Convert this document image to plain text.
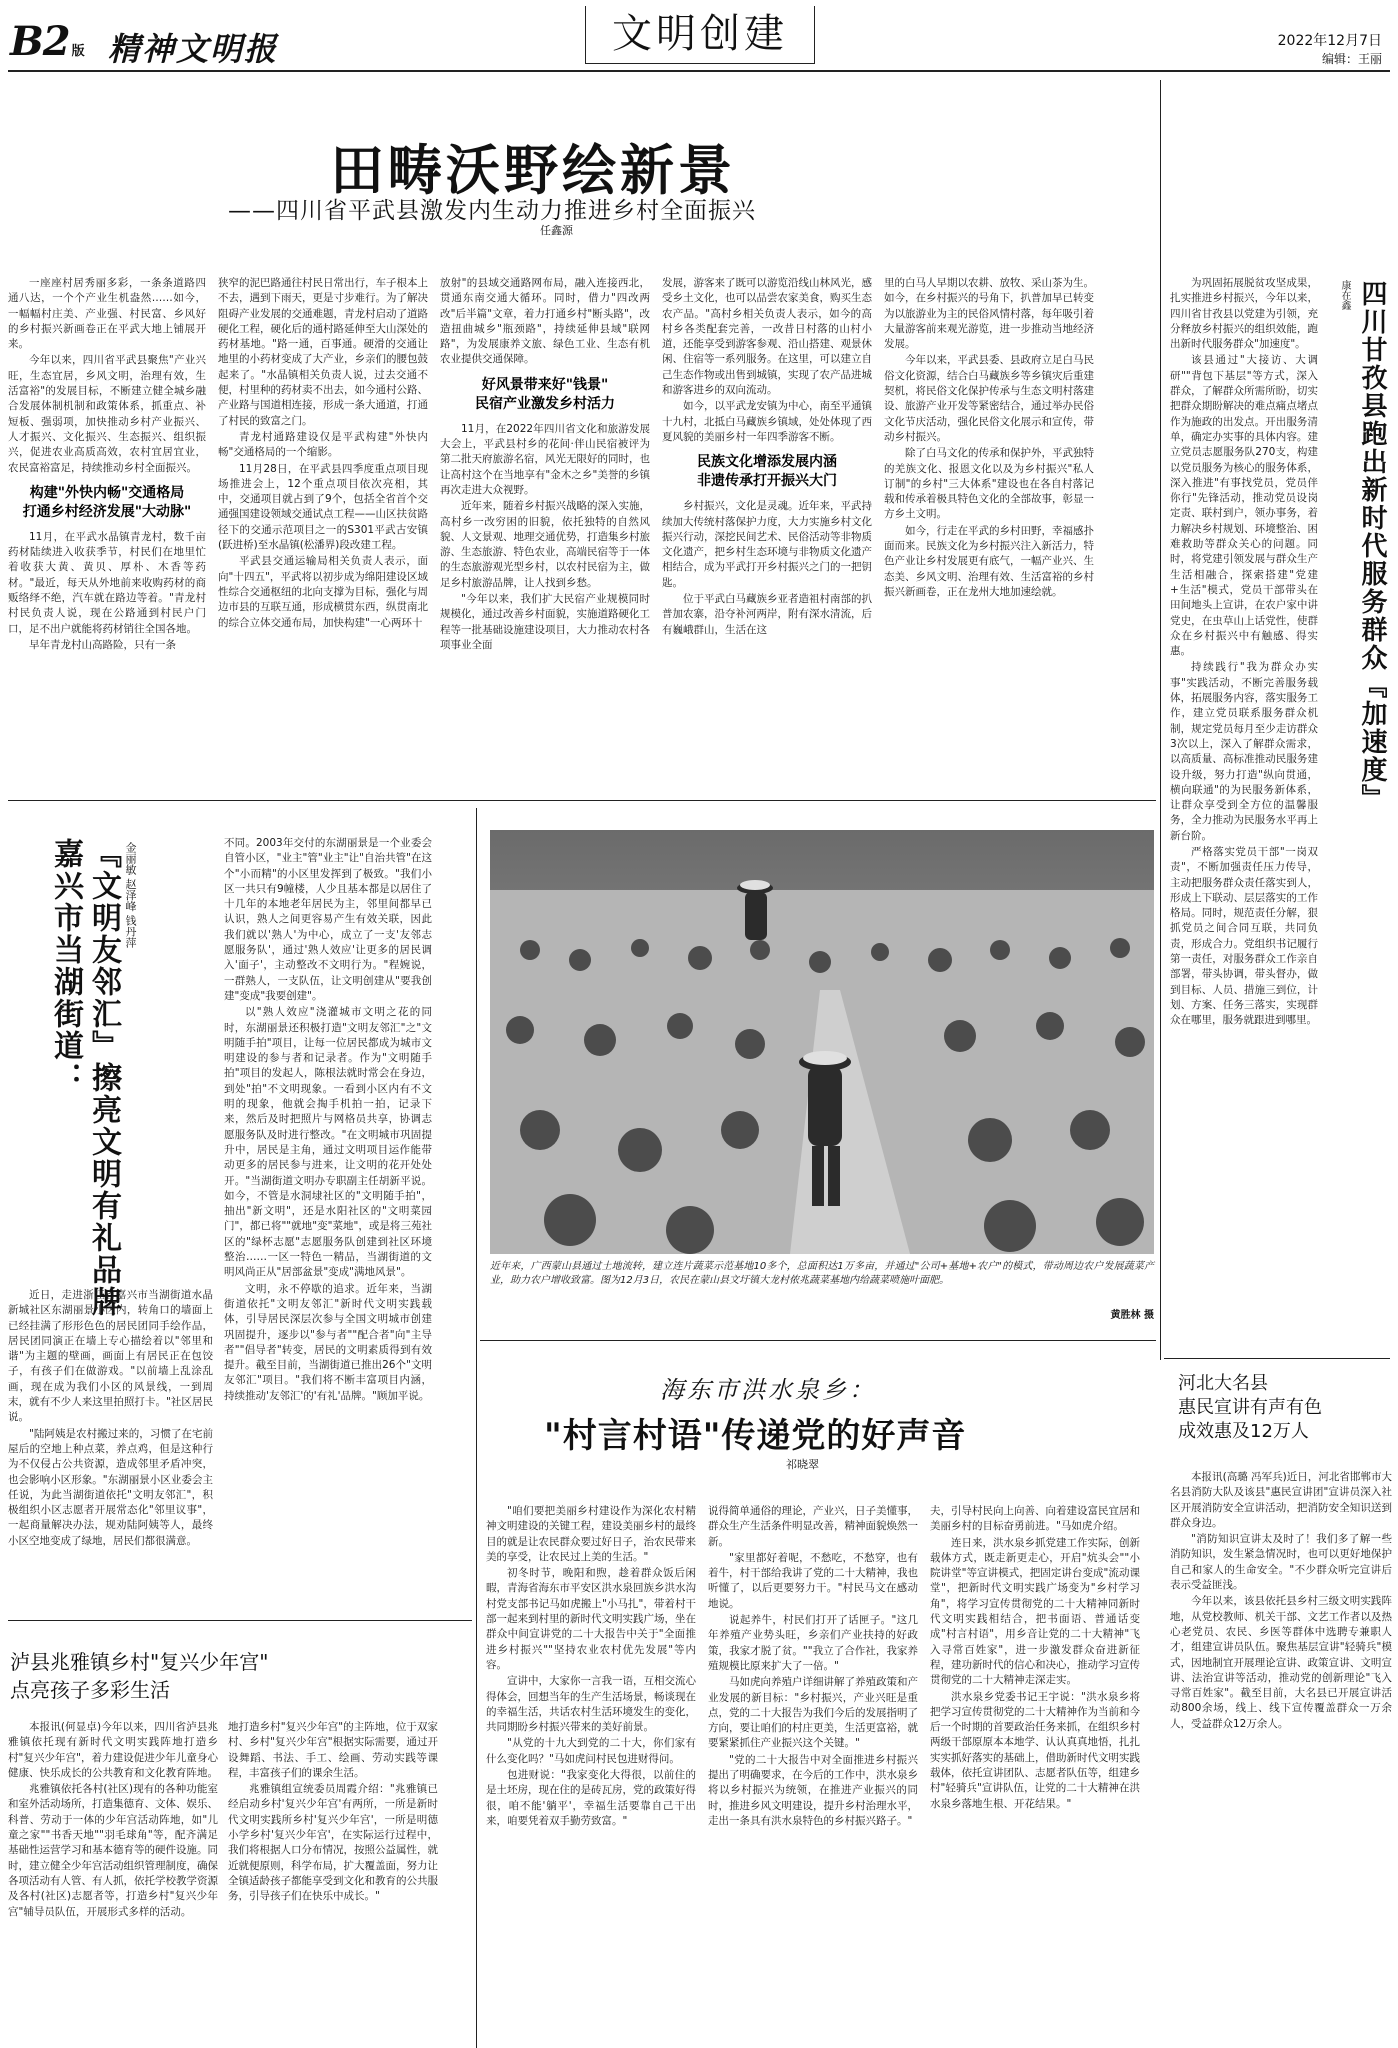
B2 版 精神文明报	文明创建	2022年12月7日
编辑：王丽
田畴沃野绘新景
——四川省平武县激发内生动力推进乡村全面振兴
任鑫源

一座座村居秀丽多彩，一条条道路四通八达，一个个产业生机盎然……如今，一幅幅村庄美、产业强、村民富、乡风好的乡村振兴新画卷正在平武大地上铺展开来。

今年以来，四川省平武县聚焦"产业兴旺，生态宜居，乡风文明，治理有效，生活富裕"的发展目标，不断建立健全城乡融合发展体制机制和政策体系，抓重点、补短板、强弱项，加快推动乡村产业振兴、人才振兴、文化振兴、生态振兴、组织振兴，促进农业高质高效，农村宜居宜业，农民富裕富足，持续推动乡村全面振兴。

构建"外快内畅"交通格局
打通乡村经济发展"大动脉"

11月，在平武水晶镇青龙村，数千亩药材陆续进入收获季节，村民们在地里忙着收获大黄、黄贝、厚朴、木香等药材。"最近，每天从外地前来收购药材的商贩络绎不绝，汽车就在路边等着。"青龙村村民负责人说，现在公路通到村民户门口，足不出户就能将药材销往全国各地。

早年青龙村山高路险，只有一条

狭窄的泥巴路通往村民日常出行，车子根本上不去，遇到下雨天，更是寸步难行。为了解决阻碍产业发展的交通难题，青龙村启动了道路硬化工程，硬化后的通村路延伸至大山深处的药材基地。"路一通，百事通。硬滑的交通让地里的小药材变成了大产业，乡亲们的腰包鼓起来了。"水晶镇相关负责人说，过去交通不便，村里种的药材卖不出去，如今通村公路、产业路与国道相连接，形成一条大通道，打通了村民的致富之门。

青龙村通路建设仅是平武构建"外快内畅"交通格局的一个缩影。

11月28日，在平武县四季度重点项目现场推进会上，12个重点项目依次亮相，其中，交通项目就占到了9个，包括全省首个交通强国建设领域交通试点工程——山区扶贫路径下的交通示范项目之一的S301平武古安镇(跃进桥)至水晶镇(松潘界)段改建工程。

平武县交通运输局相关负责人表示，面向"十四五"，平武将以初步成为绵阳建设区域性综合交通枢纽的北向支撑为目标，强化与周边市县的互联互通，形成横贯东西，纵贯南北的综合立体交通布局，加快构建"一心两环十

放射"的县域交通路网布局，融入连接西北，贯通东南交通大循环。同时，借力"四改两改"后半篇"文章，着力打通乡村"断头路"，改造扭曲城乡"瓶颈路"，持续延伸县域"联网路"，为发展康养文旅、绿色工业、生态有机农业提供交通保障。

好风景带来好"钱景"
民宿产业激发乡村活力

11月，在2022年四川省文化和旅游发展大会上，平武县村乡的花间·伴山民宿被评为第二批天府旅游名宿，风光无限好的同时，也让高村这个在当地享有"金木之乡"美誉的乡镇再次走进大众视野。

近年来，随着乡村振兴战略的深入实施，高村乡一改穷困的旧貌，依托独特的自然风貌、人文景观、地理交通优势，打造集乡村旅游、生态旅游、特色农业，高端民宿等于一体的生态旅游观光型乡村，以农村民宿为主，做足乡村旅游品牌，让人找到乡愁。

"今年以来，我们扩大民宿产业规模同时规模化，通过改善乡村面貌，实施道路硬化工程等一批基础设施建设项目，大力推动农村各项事业全面

发展，游客来了既可以游览沿线山林风光，感受乡土文化，也可以品尝农家美食，购买生态农产品。"高村乡相关负责人表示，如今的高村乡各类配套完善，一改昔日村落的山村小道，还能享受到游客参观、沿山搭建、观景休闲、住宿等一系列服务。在这里，可以建立自己生态作物或出售到城镇，实现了农产品进城和游客进乡的双向流动。

如今，以平武龙安镇为中心，南至平通镇十九村，北抵白马藏族乡镇域，处处体现了西夏风貌的美丽乡村一年四季游客不断。

民族文化增添发展内涵
非遗传承打开振兴大门

乡村振兴，文化是灵魂。近年来，平武持续加大传统村落保护力度，大力实施乡村文化振兴行动，深挖民间艺术、民俗活动等非物质文化遗产，把乡村生态环境与非物质文化遗产相结合，成为平武打开乡村振兴之门的一把钥匙。

位于平武白马藏族乡亚者造祖村南部的扒普加农寨，沿夺补河两岸，附有深水清流，后有巍峨群山，生活在这

里的白马人早期以农耕、放牧、采山茶为生。如今，在乡村振兴的号角下，扒普加早已转变为以旅游业为主的民俗风情村落，每年吸引着大量游客前来观光游览，进一步推动当地经济发展。

今年以来，平武县委、县政府立足白马民俗文化资源，结合白马藏族乡等乡镇灾后重建契机，将民俗文化保护传承与生态文明村落建设、旅游产业开发等紧密结合，通过举办民俗文化节庆活动，强化民俗文化展示和宣传，带动乡村振兴。

除了白马文化的传承和保护外，平武独特的羌族文化、报恩文化以及为乡村振兴"私人订制"的乡村"三大体系"建设也在各自村落记载和传承着极具特色文化的全部故事，彰显一方乡土文明。

如今，行走在平武的乡村田野，幸福感扑面而来。民族文化为乡村振兴注入新活力，特色产业让乡村发展更有底气，一幅产业兴、生态美、乡风文明、治理有效、生活富裕的乡村振兴新画卷，正在龙州大地加速绘就。	四川甘孜县跑出新时代服务群众『加速度』
康在鑫

为巩固拓展脱贫攻坚成果，扎实推进乡村振兴，今年以来，四川省甘孜县以党建为引领，充分释放乡村振兴的组织效能，跑出新时代服务群众"加速度"。

该县通过"大接访、大调研""背包下基层"等方式，深入群众，了解群众所需所盼，切实把群众期盼解决的难点痛点堵点作为施政的出发点。开出服务清单，确定办实事的具体内容。建立党员志愿服务队270支，构建以党员服务为核心的服务体系，深入推进"有事找党员，党员伴你行"先锋活动，推动党员设岗定责、联村到户，领办事务，着力解决乡村规划、环境整治、困难救助等群众关心的问题。同时，将党建引领发展与群众生产生活相融合，探索搭建"党建+生活"模式，党员干部带头在田间地头上宣讲，在农户家中讲党史，在虫草山上话党性，使群众在乡村振兴中有触感、得实惠。

持续践行"我为群众办实事"实践活动，不断完善服务载体，拓展服务内容，落实服务工作，建立党员联系服务群众机制，规定党员每月至少走访群众3次以上，深入了解群众需求，以高质量、高标准推动民服务建设升级，努力打造"纵向贯通，横向联通"的为民服务新体系，让群众享受到全方位的温馨服务，全力推动为民服务水平再上新台阶。

严格落实党员干部"一岗双责"，不断加强责任压力传导，主动把服务群众责任落实到人，形成上下联动、层层落实的工作格局。同时，规范责任分解，狠抓党员之间合同互联，共同负责，形成合力。党组织书记履行第一责任，对服务群众工作亲自部署，带头协调，带头督办，做到目标、人员、措施三到位，计划、方案、任务三落实，实现群众在哪里，服务就跟进到哪里。

『文明友邻汇』擦亮文明有礼品牌
嘉兴市当湖街道：	金丽敏 赵泽峰 钱丹萍

近日，走进浙江省嘉兴市当湖街道水晶新城社区东湖丽景小区内，转角口的墙面上已经挂满了形形色色的居民团同手绘作品，居民团同演正在墙上专心描绘着以"邻里和谐"为主题的壁画，画面上有居民正在包饺子，有孩子们在做游戏。"以前墙上乱涂乱画，现在成为我们小区的风景线，一到周末，就有不少人来这里拍照打卡。"社区居民说。

"陆阿姨是农村搬过来的，习惯了在宅前屋后的空地上种点菜，养点鸡，但是这种行为不仅侵占公共资源，造成邻里矛盾冲突，也会影响小区形象。"东湖丽景小区业委会主任说，为此当湖街道依托"文明友邻汇"，积极组织小区志愿者开展常态化"邻里议事"，一起商量解决办法，规劝陆阿姨等人，最终小区空地变成了绿地，居民们都很满意。

不同。2003年交付的东湖丽景是一个业委会自管小区，"业主"管"业主"让"自治共管"在这个"小而精"的小区里发挥到了极致。"我们小区一共只有9幢楼，人少且基本都是以居住了十几年的本地老年居民为主，邻里间都早已认识，熟人之间更容易产生有效关联，因此我们就以'熟人'为中心，成立了一支'友邻志愿服务队'，通过'熟人效应'让更多的居民调入'面子'，主动整改不文明行为。"程婉说，一群熟人，一支队伍，让文明创建从"要我创建"变成"我要创建"。

以"熟人效应"浇灌城市文明之花的同时，东湖丽景还积极打造"文明友邻汇"之"文明随手拍"项目，让每一位居民都成为城市文明建设的参与者和记录者。作为"文明随手拍"项目的发起人，陈根法就时常会在身边，到处"拍"不文明现象。一看到小区内有不文明的现象，他就会掏手机拍一拍，记录下来，然后及时把照片与网格员共享，协调志愿服务队及时进行整改。"在文明城市巩固提升中，居民是主角，通过文明项目运作能带动更多的居民参与进来，让文明的花开处处开。"当湖街道文明办专职副主任胡新平说。如今，不管是水洞埭社区的"文明随手拍"，抽出"新文明"，还是水阳社区的"文明菜园门"，都已将""就地"变"菜地"，或是将三苑社区的"绿杯志愿"志愿服务队创建到社区环境整治……一区一特色一精品，当湖街道的文明风尚正从"居部盆景"变成"满地风景"。

文明，永不停歇的追求。近年来，当湖街道依托"文明友邻汇"新时代文明实践载体，引导居民深层次参与全国文明城市创建巩固提升，逐步以"参与者""配合者"向"主导者""倡导者"转变，居民的文明素质得到有效提升。截至目前，当湖街道已推出26个"文明友邻汇"项目。"我们将不断丰富项目内涵，持续推动'友邻汇'的'有礼'品牌。"顾加平说。

近年来，广西蒙山县通过土地流转，建立连片蔬菜示范基地10多个，总面积达1万多亩，并通过"公司+基地+农户"的模式，带动周边农户发展蔬菜产业，助力农户增收致富。图为12月3日，农民在蒙山县文圩镇大龙村侬兆蔬菜基地内给蔬菜喷施叶面肥。
黄胜林 摄
河北大名县
惠民宣讲有声有色
成效惠及12万人

本报讯(高璐 冯军兵)近日，河北省邯郸市大名县消防大队及该县"惠民宣讲团"宣讲员深入社区开展消防安全宣讲活动，把消防安全知识送到群众身边。

"消防知识宣讲太及时了！我们多了解一些消防知识，发生紧急情况时，也可以更好地保护自己和家人的生命安全。"不少群众听完宣讲后表示受益匪浅。

今年以来，该县依托县乡村三级文明实践阵地，从党校教师、机关干部、文艺工作者以及热心老党员、农民、乡医等群体中选聘专兼职人才，组建宣讲员队伍。聚焦基层宣讲"轻骑兵"模式，因地制宜开展理论宣讲、政策宣讲、文明宣讲、法治宣讲等活动，推动党的创新理论"飞入寻常百姓家"。截至目前，大名县已开展宣讲活动800余场，线上、线下宣传覆盖群众一万余人，受益群众12万余人。

海东市洪水泉乡：
"村言村语"传递党的好声音
祁晓翠

"咱们要把美丽乡村建设作为深化农村精神文明建设的关键工程，建设美丽乡村的最终目的就是让农民群众要过好日子，治农民带来美的享受，让农民过上美的生活。"

初冬时节，晚阳和煦，趁着群众饭后闲暇，青海省海东市平安区洪水泉回族乡洪水沟村党支部书记马如虎搬上"小马扎"，带着村干部一起来到村里的新时代文明实践广场，坐在群众中间宣讲党的二十大报告中关于"全面推进乡村振兴""坚持农业农村优先发展"等内容。

宣讲中，大家你一言我一语，互相交流心得体会，回想当年的生产生活场景，畅谈现在的幸福生活，共话农村生活环境发生的变化，共同期盼乡村振兴带来的美好前景。

"从党的十九大到党的二十大，你们家有什么变化吗？"马如虎问村民包进财得问。

包进财说："我家变化大得很，以前住的是土坯房，现在住的是砖瓦房，党的政策好得很，咱不能'躺平'，幸福生活要靠自己干出来，咱要凭着双手勤劳致富。"

说得简单通俗的理论，产业兴，日子美懂事，群众生产生活条件明显改善，精神面貌焕然一新。

"家里都好着呢，不愁吃，不愁穿，也有着牛，村干部给我讲了党的二十大精神，我也听懂了，以后更要努力干。"村民马文在感动地说。

说起养牛，村民们打开了话匣子。"这几年养殖产业势头旺，乡亲们产业扶持的好政策，我家才脱了贫。""我立了合作社，我家养殖规模比原来扩大了一倍。"

马如虎向养殖户详细讲解了养殖政策和产业发展的新目标："乡村振兴，产业兴旺是重点，党的二十大报告为我们今后的发展指明了方向，要让咱们的村庄更美，生活更富裕，就要紧紧抓住产业振兴这个关键。"

"党的二十大报告中对全面推进乡村振兴提出了明确要求，在今后的工作中，洪水泉乡将以乡村振兴为统领，在推进产业振兴的同时，推进乡风文明建设，提升乡村治理水平，走出一条具有洪水泉特色的乡村振兴路子。"

夫，引导村民向上向善、向着建设富民宜居和美丽乡村的目标奋勇前进。"马如虎介绍。

连日来，洪水泉乡抓党建工作实际，创新载体方式，既走新更走心，开启"炕头会""小院讲堂"等宣讲模式，把固定讲台变成"流动课堂"，把新时代文明实践广场变为"乡村学习角"，将学习宣传贯彻党的二十大精神同新时代文明实践相结合，把书面语、普通话变成"村言村语"，用乡音让党的二十大精神"飞入寻常百姓家"，进一步激发群众奋进新征程，建功新时代的信心和决心，推动学习宣传贯彻党的二十大精神走深走实。

洪水泉乡党委书记王宇说："洪水泉乡将把学习宣传贯彻党的二十大精神作为当前和今后一个时期的首要政治任务来抓，在组织乡村两级干部原原本本地学、认认真真地悟，扎扎实实抓好落实的基础上，借助新时代文明实践载体，依托宣讲团队、志愿者队伍等，组建乡村"轻骑兵"宣讲队伍，让党的二十大精神在洪水泉乡落地生根、开花结果。"

泸县兆雅镇乡村"复兴少年宫"
点亮孩子多彩生活

本报讯(何显卓)今年以来，四川省泸县兆雅镇依托现有新时代文明实践阵地打造乡村"复兴少年宫"，着力建设促进少年儿童身心健康、快乐成长的公共教育和文化教育阵地。

兆雅镇依托各村(社区)现有的各种功能室和室外活动场所，打造集德育、文体、娱乐、科普、劳动于一体的少年宫活动阵地，如"儿童之家""书香天地""羽毛球角"等，配齐满足基础性运营学习和基本德育等的硬件设施。同时，建立健全少年宫活动组织管理制度，确保各项活动有人管、有人抓，依托学校教学资源及各村(社区)志愿者等，打造乡村"复兴少年宫"辅导员队伍，开展形式多样的活动。

地打造乡村"复兴少年宫"的主阵地，位于双家村、乡村"复兴少年宫"根据实际需要，通过开设舞蹈、书法、手工、绘画、劳动实践等课程，丰富孩子们的课余生活。

兆雅镇组宣统委员周霞介绍："兆雅镇已经启动乡村'复兴少年宫'有两所，一所是新时代文明实践所乡村'复兴少年宫'，一所是明德小学乡村'复兴少年宫'，在实际运行过程中，我们将根据人口分布情况，按照公益属性，就近就便原则，科学布局，扩大覆盖面，努力让全镇适龄孩子都能享受到文化和教育的公共服务，引导孩子们在快乐中成长。"
